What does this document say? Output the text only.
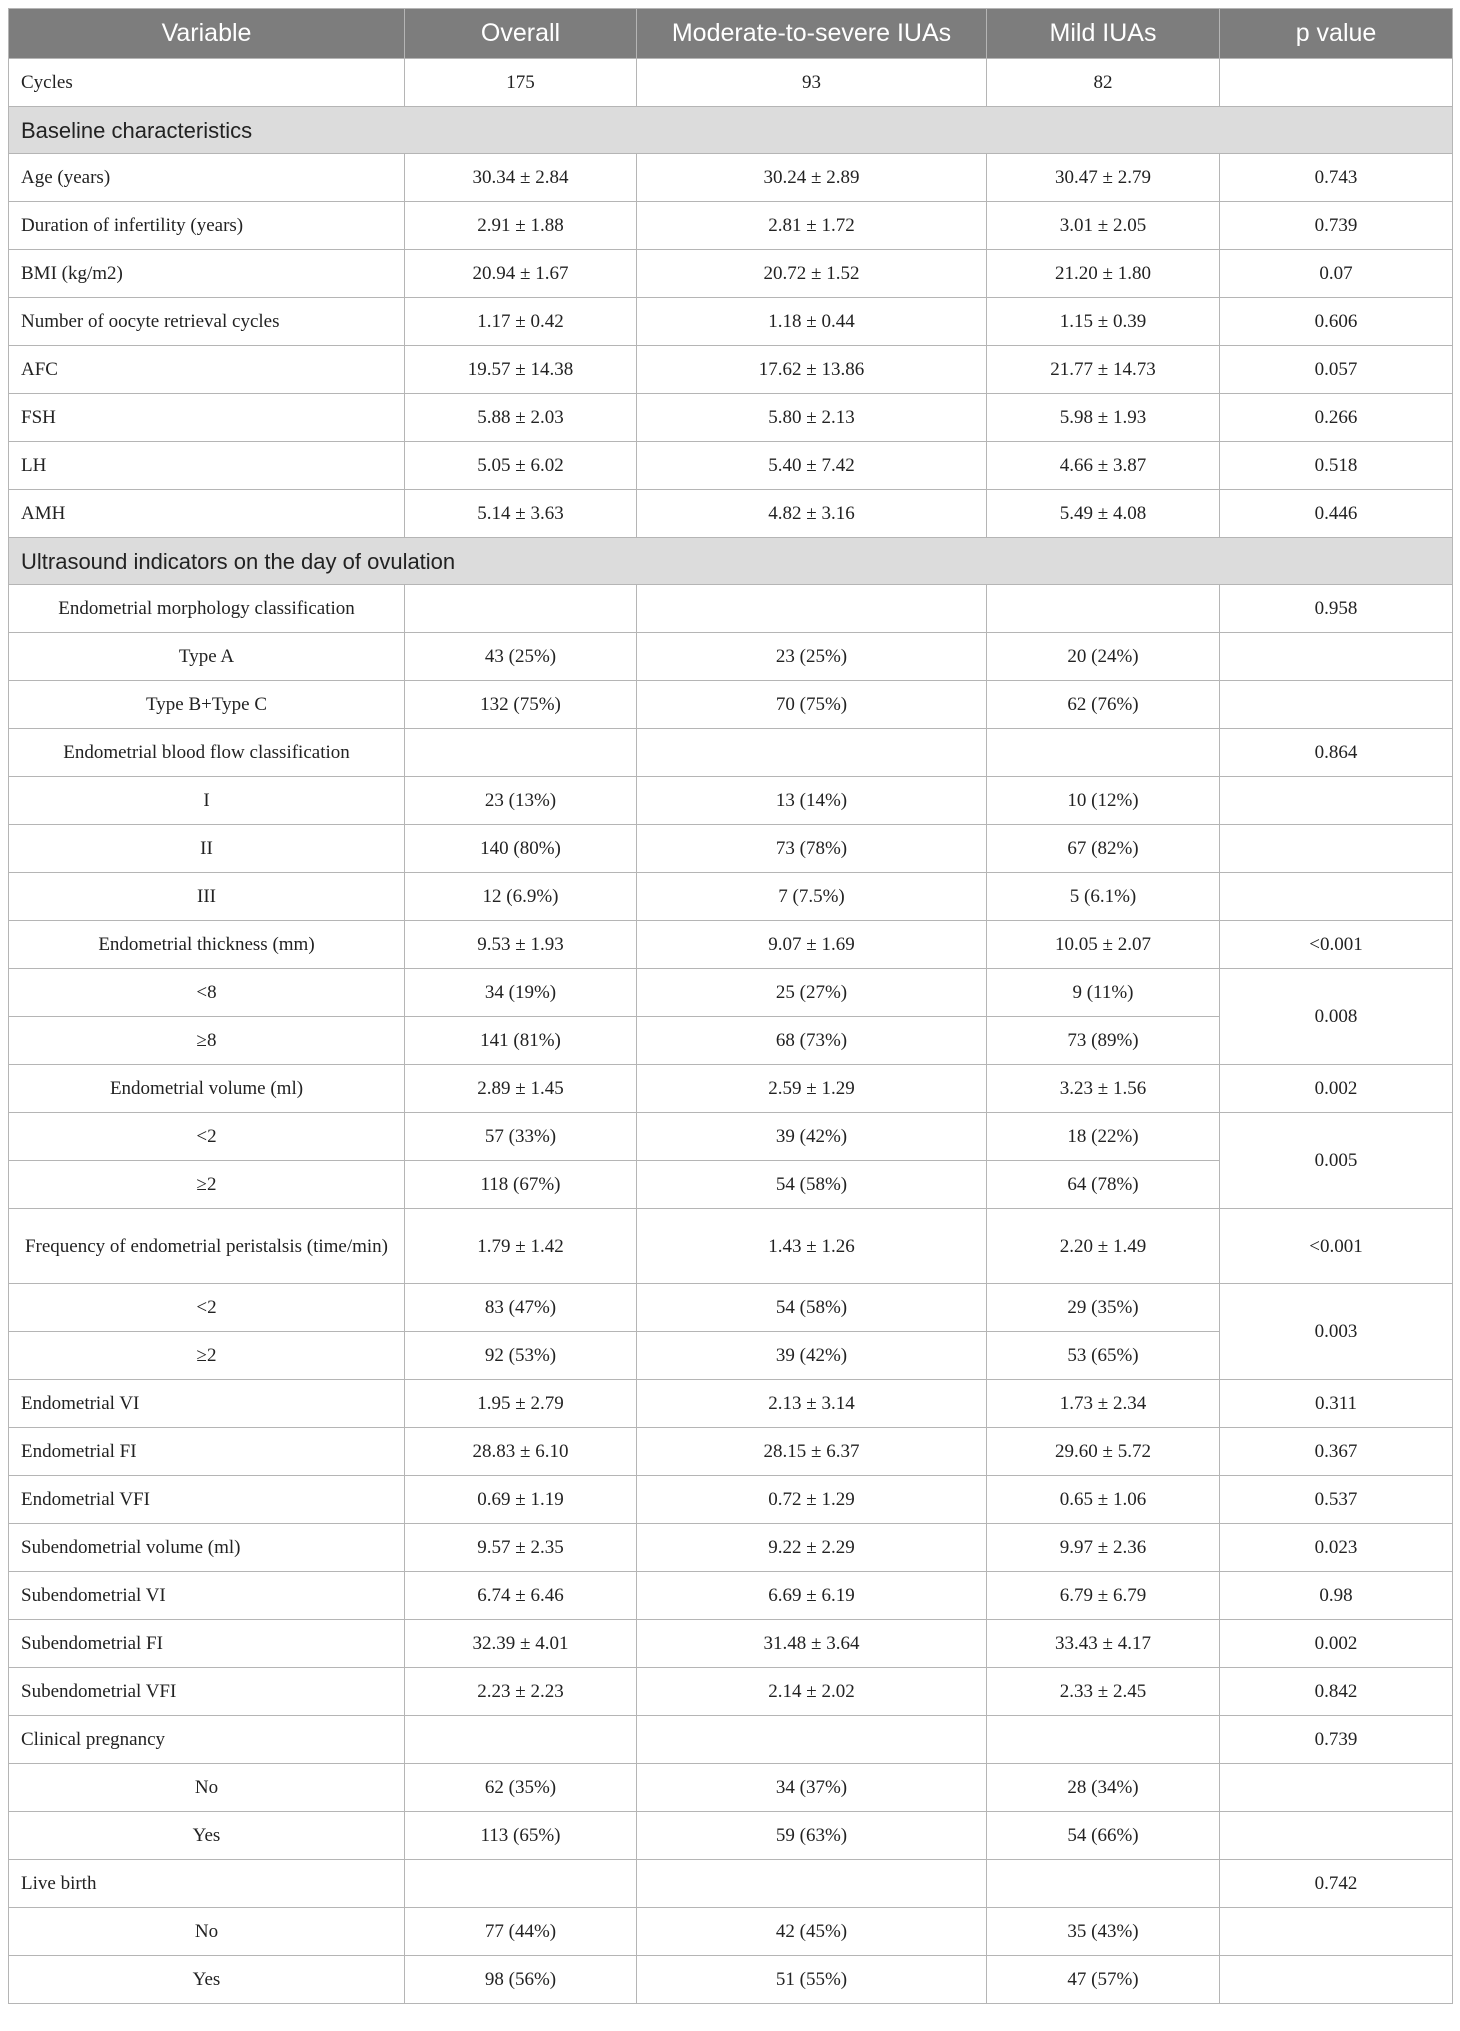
Variable	Overall	Moderate-to-severe IUAs	Mild IUAs	p value
Cycles	175	93	82	
Baseline characteristics				
Age (years)	30.34 ± 2.84	30.24 ± 2.89	30.47 ± 2.79	0.743
Duration of infertility (years)	2.91 ± 1.88	2.81 ± 1.72	3.01 ± 2.05	0.739
BMI (kg/m2)	20.94 ± 1.67	20.72 ± 1.52	21.20 ± 1.80	0.07
Number of oocyte retrieval cycles	1.17 ± 0.42	1.18 ± 0.44	1.15 ± 0.39	0.606
AFC	19.57 ± 14.38	17.62 ± 13.86	21.77 ± 14.73	0.057
FSH	5.88 ± 2.03	5.80 ± 2.13	5.98 ± 1.93	0.266
LH	5.05 ± 6.02	5.40 ± 7.42	4.66 ± 3.87	0.518
AMH	5.14 ± 3.63	4.82 ± 3.16	5.49 ± 4.08	0.446
Ultrasound indicators on the day of ovulation				
Endometrial morphology classification				0.958
Type A	43 (25%)	23 (25%)	20 (24%)	
Type B+Type C	132 (75%)	70 (75%)	62 (76%)	
Endometrial blood flow classification				0.864
I	23 (13%)	13 (14%)	10 (12%)	
II	140 (80%)	73 (78%)	67 (82%)	
III	12 (6.9%)	7 (7.5%)	5 (6.1%)	
Endometrial thickness (mm)	9.53 ± 1.93	9.07 ± 1.69	10.05 ± 2.07	<0.001
<8	34 (19%)	25 (27%)	9 (11%)	0.008
≥8	141 (81%)	68 (73%)	73 (89%)	
Endometrial volume (ml)	2.89 ± 1.45	2.59 ± 1.29	3.23 ± 1.56	0.002
<2	57 (33%)	39 (42%)	18 (22%)	0.005
≥2	118 (67%)	54 (58%)	64 (78%)	
Frequency of endometrial peristalsis (time/min)	1.79 ± 1.42	1.43 ± 1.26	2.20 ± 1.49	<0.001
<2	83 (47%)	54 (58%)	29 (35%)	0.003
≥2	92 (53%)	39 (42%)	53 (65%)	
Endometrial VI	1.95 ± 2.79	2.13 ± 3.14	1.73 ± 2.34	0.311
Endometrial FI	28.83 ± 6.10	28.15 ± 6.37	29.60 ± 5.72	0.367
Endometrial VFI	0.69 ± 1.19	0.72 ± 1.29	0.65 ± 1.06	0.537
Subendometrial volume (ml)	9.57 ± 2.35	9.22 ± 2.29	9.97 ± 2.36	0.023
Subendometrial VI	6.74 ± 6.46	6.69 ± 6.19	6.79 ± 6.79	0.98
Subendometrial FI	32.39 ± 4.01	31.48 ± 3.64	33.43 ± 4.17	0.002
Subendometrial VFI	2.23 ± 2.23	2.14 ± 2.02	2.33 ± 2.45	0.842
Clinical pregnancy				0.739
No	62 (35%)	34 (37%)	28 (34%)	
Yes	113 (65%)	59 (63%)	54 (66%)	
Live birth				0.742
No	77 (44%)	42 (45%)	35 (43%)	
Yes	98 (56%)	51 (55%)	47 (57%)	
